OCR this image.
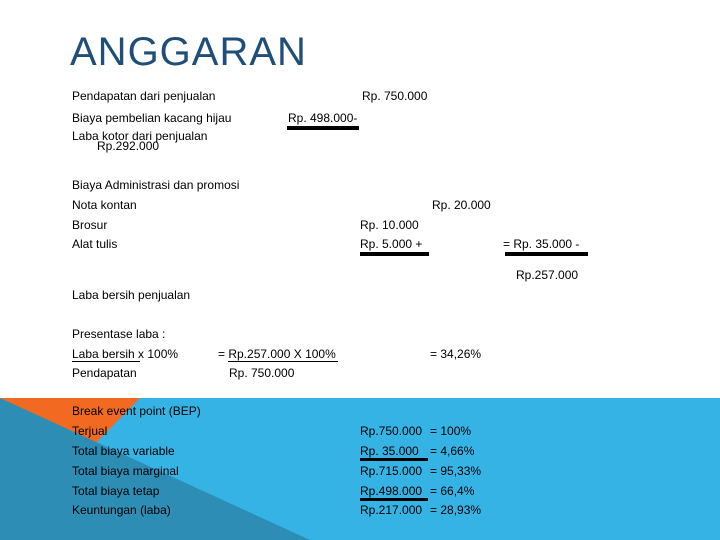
ANGGARAN
Pendapatan dari penjualan	Rp. 750.000
Biaya pembelian kacang hijau	Rp. 498.000-
Laba kotor dari penjualan
Rp.292.000
Biaya Administrasi dan promosi
Nota kontan	Rp. 20.000
Brosur	Rp. 10.000
Alat tulis	Rp. 5.000 +	= Rp. 35.000 -
Rp.257.000
Laba bersih penjualan
Presentase laba :
Laba bersih x 100%	= Rp.257.000 X 100%	= 34,26%
Pendapatan	Rp. 750.000
Break event point (BEP)
Terjual	Rp.750.000 = 100%
Total biaya variable	Rp. 35.000 = 4,66%
Total biaya marginal	Rp.715.000 = 95,33%
Total biaya tetap	Rp.498.000 = 66,4%
Keuntungan (laba)	Rp.217.000 = 28,93%
